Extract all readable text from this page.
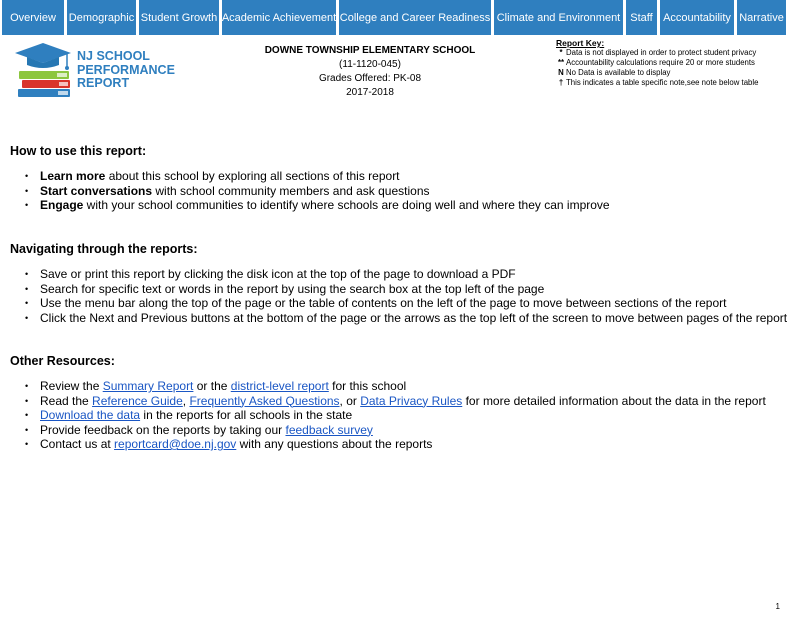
Overview	Demographic Student Growth Academic Achievement College and Career Readiness Climate and Environment Staff Accountability Narrative
NJ SCHOOL
PERFORMANCE
REPORT
DOWNE TOWNSHIP ELEMENTARY SCHOOL
(11-1120-045)
Grades Offered: PK-08
2017-2018
Report Key:
* Data is not displayed in order to protect student privacy
** Accountability calculations require 20 or more students
N No Data is available to display
† This indicates a table specific note,see note below table
How to use this report:
• Learn more about this school by exploring all sections of this report
• Start conversations with school community members and ask questions
• Engage with your school communities to identify where schools are doing well and where they can improve
Navigating through the reports:
• Save or print this report by clicking the disk icon at the top of the page to download a PDF
• Search for specific text or words in the report by using the search box at the top left of the page
• Use the menu bar along the top of the page or the table of contents on the left of the page to move between sections of the report
• Click the Next and Previous buttons at the bottom of the page or the arrows as the top left of the screen to move between pages of the report
Other Resources:
• Review the Summary Report or the district-level report for this school
• Read the Reference Guide, Frequently Asked Questions, or Data Privacy Rules for more detailed information about the data in the report
• Download the data in the reports for all schools in the state
• Provide feedback on the reports by taking our feedback survey
• Contact us at reportcard@doe.nj.gov with any questions about the reports
1
